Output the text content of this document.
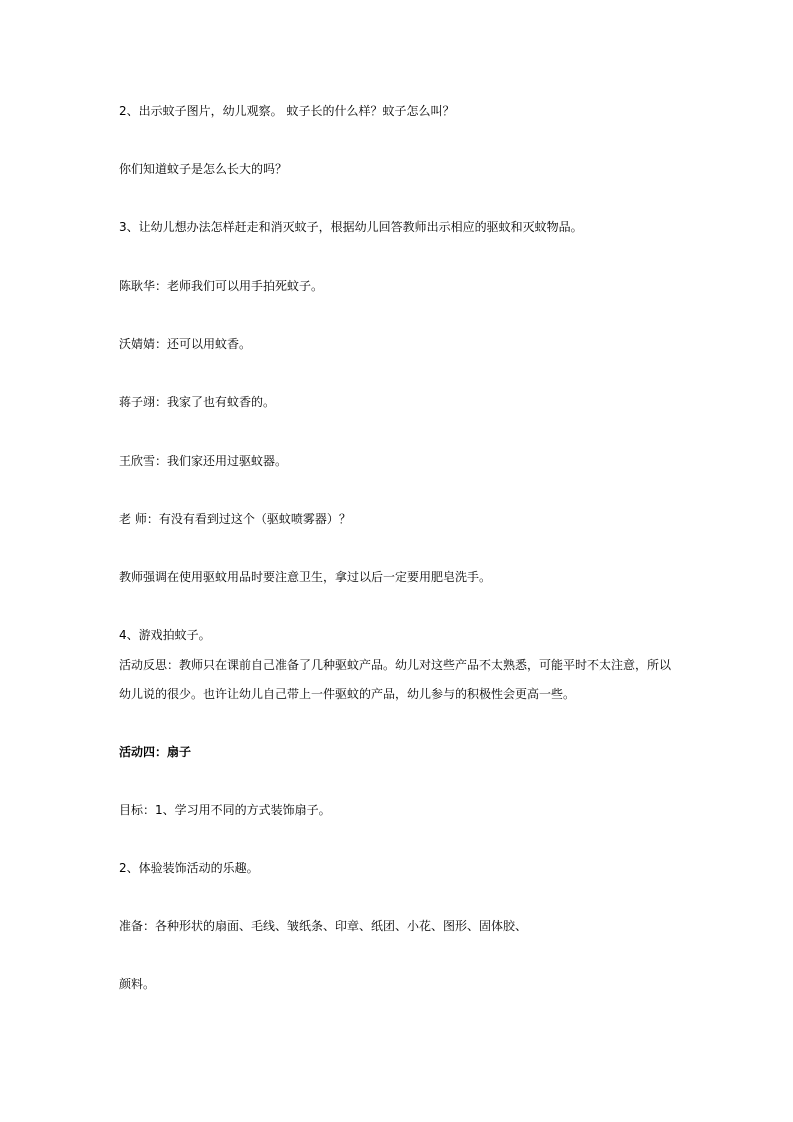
2、出示蚊子图片，幼儿观察。 蚊子长的什么样？蚊子怎么叫？
你们知道蚊子是怎么长大的吗？
3、让幼儿想办法怎样赶走和消灭蚊子，根据幼儿回答教师出示相应的驱蚊和灭蚊物品。
陈耿华：老师我们可以用手拍死蚊子。
沃婧婧：还可以用蚊香。
蒋子翊：我家了也有蚊香的。
王欣雪：我们家还用过驱蚊器。
老 师：有没有看到过这个（驱蚊喷雾器）？
教师强调在使用驱蚊用品时要注意卫生，拿过以后一定要用肥皂洗手。
4、游戏拍蚊子。
活动反思：教师只在课前自己准备了几种驱蚊产品。幼儿对这些产品不太熟悉，可能平时不太注意，所以
幼儿说的很少。也许让幼儿自己带上一件驱蚊的产品，幼儿参与的积极性会更高一些。
活动四：扇子
目标：1、学习用不同的方式装饰扇子。
2、体验装饰活动的乐趣。
准备：各种形状的扇面、毛线、皱纸条、印章、纸团、小花、图形、固体胶、
颜料。
